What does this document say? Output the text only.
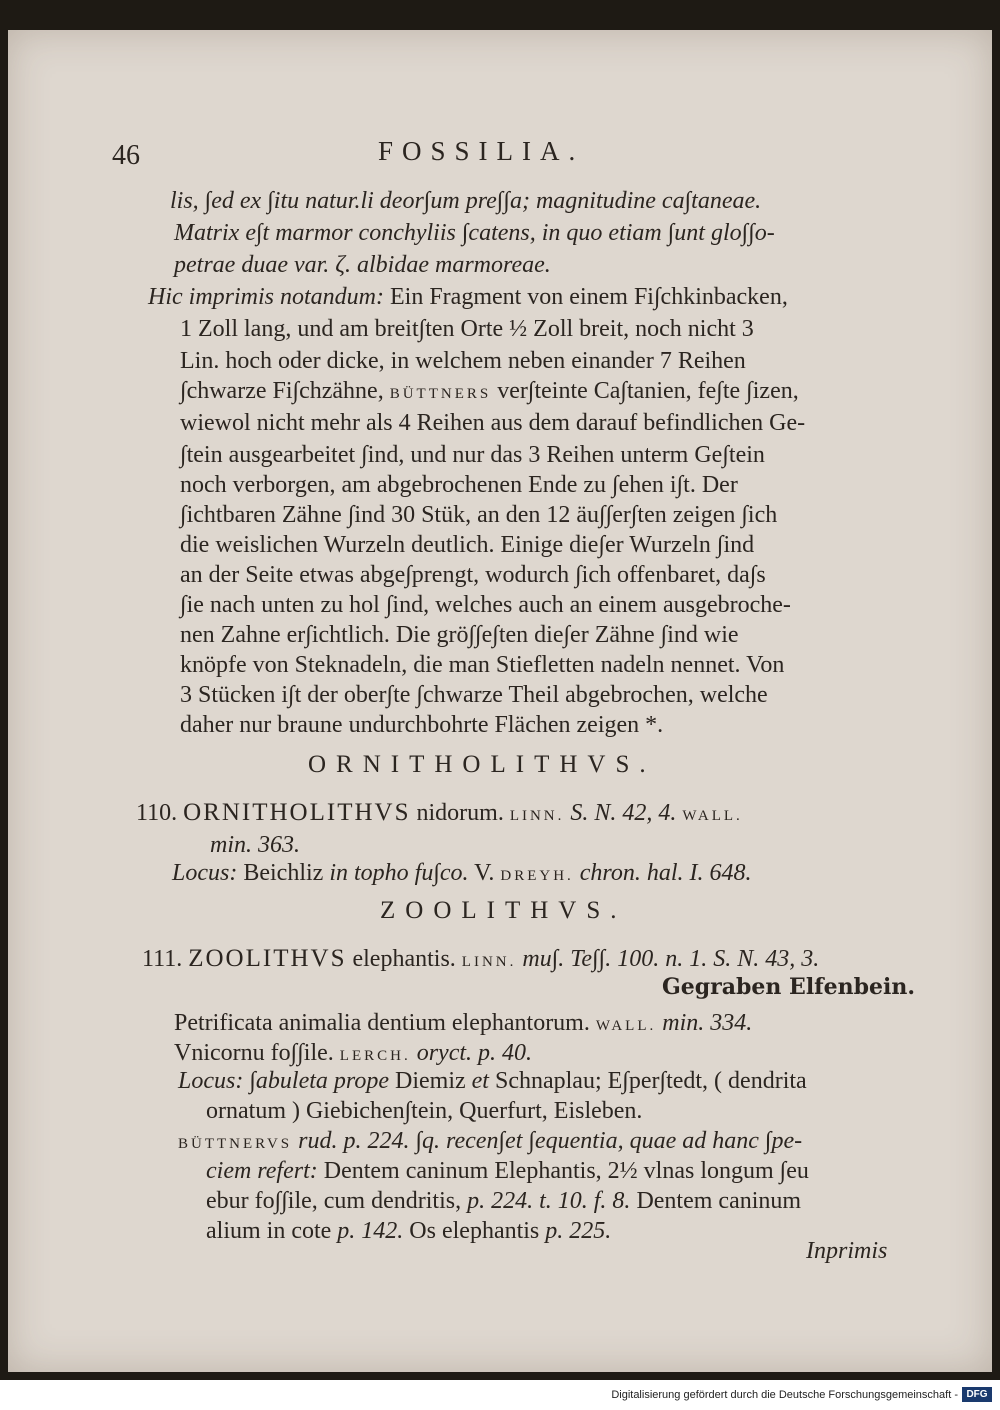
46	FOSSILIA.
lis, ∫ed ex ∫itu natur.li deor∫um pre∫∫a; magnitudine ca∫taneae.
Matrix e∫t marmor conchyliis ∫catens, in quo etiam ∫unt glo∫∫o-
petrae duae var. ζ. albidae marmoreae.
Hic imprimis notandum: Ein Fragment von einem Fi∫chkinbacken,
1 Zoll lang, und am breit∫ten Orte ½ Zoll breit, noch nicht 3
Lin. hoch oder dicke, in welchem neben einander 7 Reihen
∫chwarze Fi∫chzähne, BÜTTNERS ver∫teinte Ca∫tanien, fe∫te ∫izen,
wiewol nicht mehr als 4 Reihen aus dem darauf befindlichen Ge-
∫tein ausgearbeitet ∫ind, und nur das 3 Reihen unterm Ge∫tein
noch verborgen, am abgebrochenen Ende zu ∫ehen i∫t. Der
∫ichtbaren Zähne ∫ind 30 Stük, an den 12 äu∫∫er∫ten zeigen ∫ich
die weislichen Wurzeln deutlich. Einige die∫er Wurzeln ∫ind
an der Seite etwas abge∫prengt, wodurch ∫ich offenbaret, da∫s
∫ie nach unten zu hol ∫ind, welches auch an einem ausgebroche-
nen Zahne er∫ichtlich. Die grö∫∫e∫ten die∫er Zähne ∫ind wie
knöpfe von Steknadeln, die man Stiefletten nadeln nennet. Von
3 Stücken i∫t der ober∫te ∫chwarze Theil abgebrochen, welche
daher nur braune undurchbohrte Flächen zeigen *.
ORNITHOLITHVS.
110. ORNITHOLITHVS nidorum. LINN. S. N. 42, 4. WALL.
min. 363.
Locus: Beichliz in topho fu∫co. V. DREYH. chron. hal. I. 648.
ZOOLITHVS.
111. ZOOLITHVS elephantis. LINN. mu∫. Te∫∫. 100. n. 1. S. N. 43, 3.
Gegraben Elfenbein.
Petrificata animalia dentium elephantorum. WALL. min. 334.
Vnicornu fo∫∫ile. LERCH. oryct. p. 40.
Locus: ∫abuleta prope Diemiz et Schnaplau; E∫per∫tedt, ( dendrita
ornatum ) Giebichen∫tein, Querfurt, Eisleben.
BÜTTNERVS rud. p. 224. ∫q. recen∫et ∫equentia, quae ad hanc ∫pe-
ciem refert: Dentem caninum Elephantis, 2½ vlnas longum ∫eu
ebur fo∫∫ile, cum dendritis, p. 224. t. 10. f. 8. Dentem caninum
alium in cote p. 142. Os elephantis p. 225.
Inprimis
Digitalisierung gefördert durch die Deutsche Forschungsgemeinschaft - DFG
